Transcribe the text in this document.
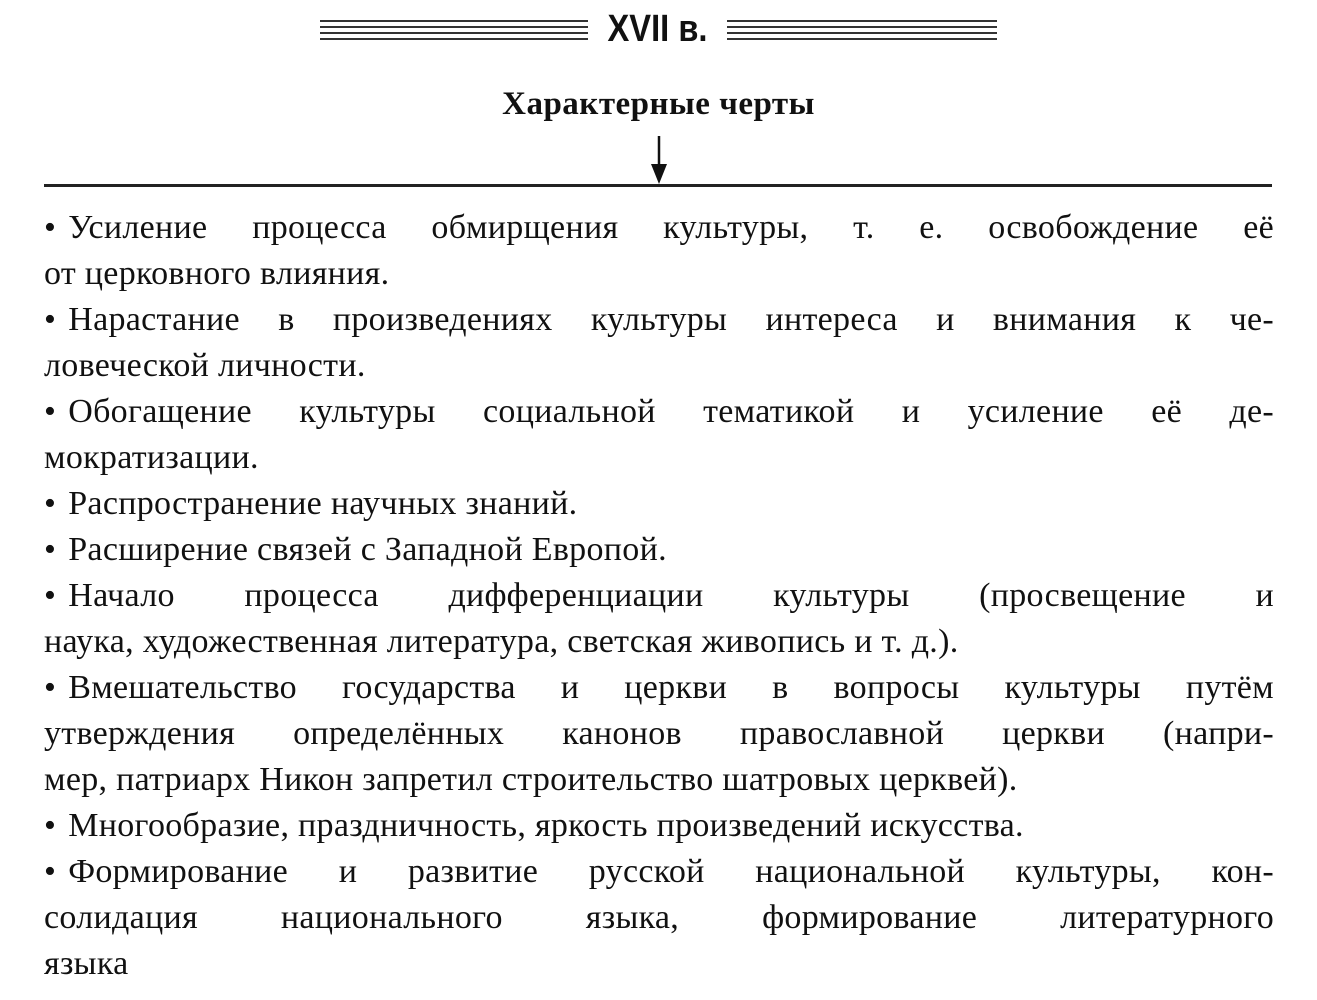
XVII в.
Характерные черты
• Усиление процесса обмирщения культуры, т. е. освобождение её
от церковного влияния.
• Нарастание в произведениях культуры интереса и внимания к че-
ловеческой личности.
• Обогащение культуры социальной тематикой и усиление её де-
мократизации.
• Распространение научных знаний.
• Расширение связей с Западной Европой.
• Начало процесса дифференциации культуры (просвещение и
наука, художественная литература, светская живопись и т. д.).
• Вмешательство государства и церкви в вопросы культуры путём
утверждения определённых канонов православной церкви (напри-
мер, патриарх Никон запретил строительство шатровых церквей).
• Многообразие, праздничность, яркость произведений искусства.
• Формирование и развитие русской национальной культуры, кон-
солидация национального языка, формирование литературного
языка
